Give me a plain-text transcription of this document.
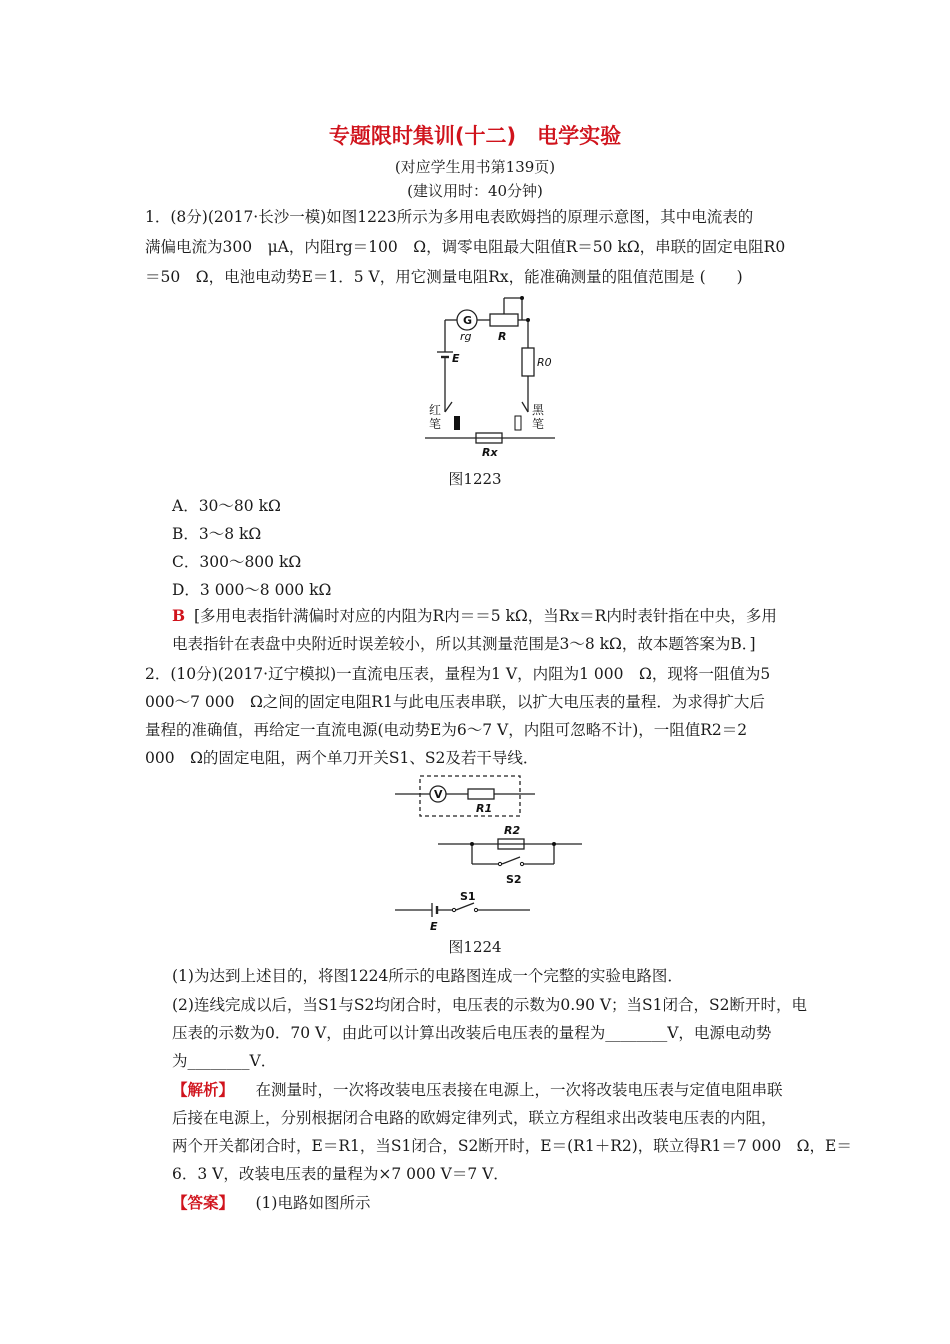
专题限时集训(十二)　电学实验
(对应学生用书第139页)
(建议用时：40分钟)
1．(8分)(2017·长沙一模)如图1223所示为多用电表欧姆挡的原理示意图，其中电流表的
满偏电流为300　μA，内阻rg＝100　Ω，调零电阻最大阻值R＝50 kΩ，串联的固定电阻R0
＝50　Ω，电池电动势E＝1．5 V，用它测量电阻Rx，能准确测量的阻值范围是 (　　)
G
rg R
R0
E
红
笔
黑
笔
Rx
图1223
A．30～80 kΩ
B．3～8 kΩ
C．300～800 kΩ
D．3 000～8 000 kΩ
B [多用电表指针满偏时对应的内阻为R内＝＝5 kΩ，当Rx＝R内时表针指在中央，多用
电表指针在表盘中央附近时误差较小，所以其测量范围是3～8 kΩ，故本题答案为B．]
2．(10分)(2017·辽宁模拟)一直流电压表，量程为1 V，内阻为1 000　Ω，现将一阻值为5
000～7 000　Ω之间的固定电阻R1与此电压表串联，以扩大电压表的量程．为求得扩大后
量程的准确值，再给定一直流电源(电动势E为6～7 V，内阻可忽略不计)，一阻值R2＝2
000　Ω的固定电阻，两个单刀开关S1、S2及若干导线．
V
R1
R2
S2
E
S1
图1224
(1)为达到上述目的，将图1224所示的电路图连成一个完整的实验电路图．
(2)连线完成以后，当S1与S2均闭合时，电压表的示数为0.90 V；当S1闭合，S2断开时，电
压表的示数为0．70 V，由此可以计算出改装后电压表的量程为________V，电源电动势
为________V．
【解析】 　在测量时，一次将改装电压表接在电源上，一次将改装电压表与定值电阻串联
后接在电源上，分别根据闭合电路的欧姆定律列式，联立方程组求出改装电压表的内阻，
两个开关都闭合时，E＝R1，当S1闭合，S2断开时，E＝(R1＋R2)，联立得R1＝7 000　Ω，E＝
6．3 V，改装电压表的量程为×7 000 V＝7 V．
【答案】 　(1)电路如图所示
